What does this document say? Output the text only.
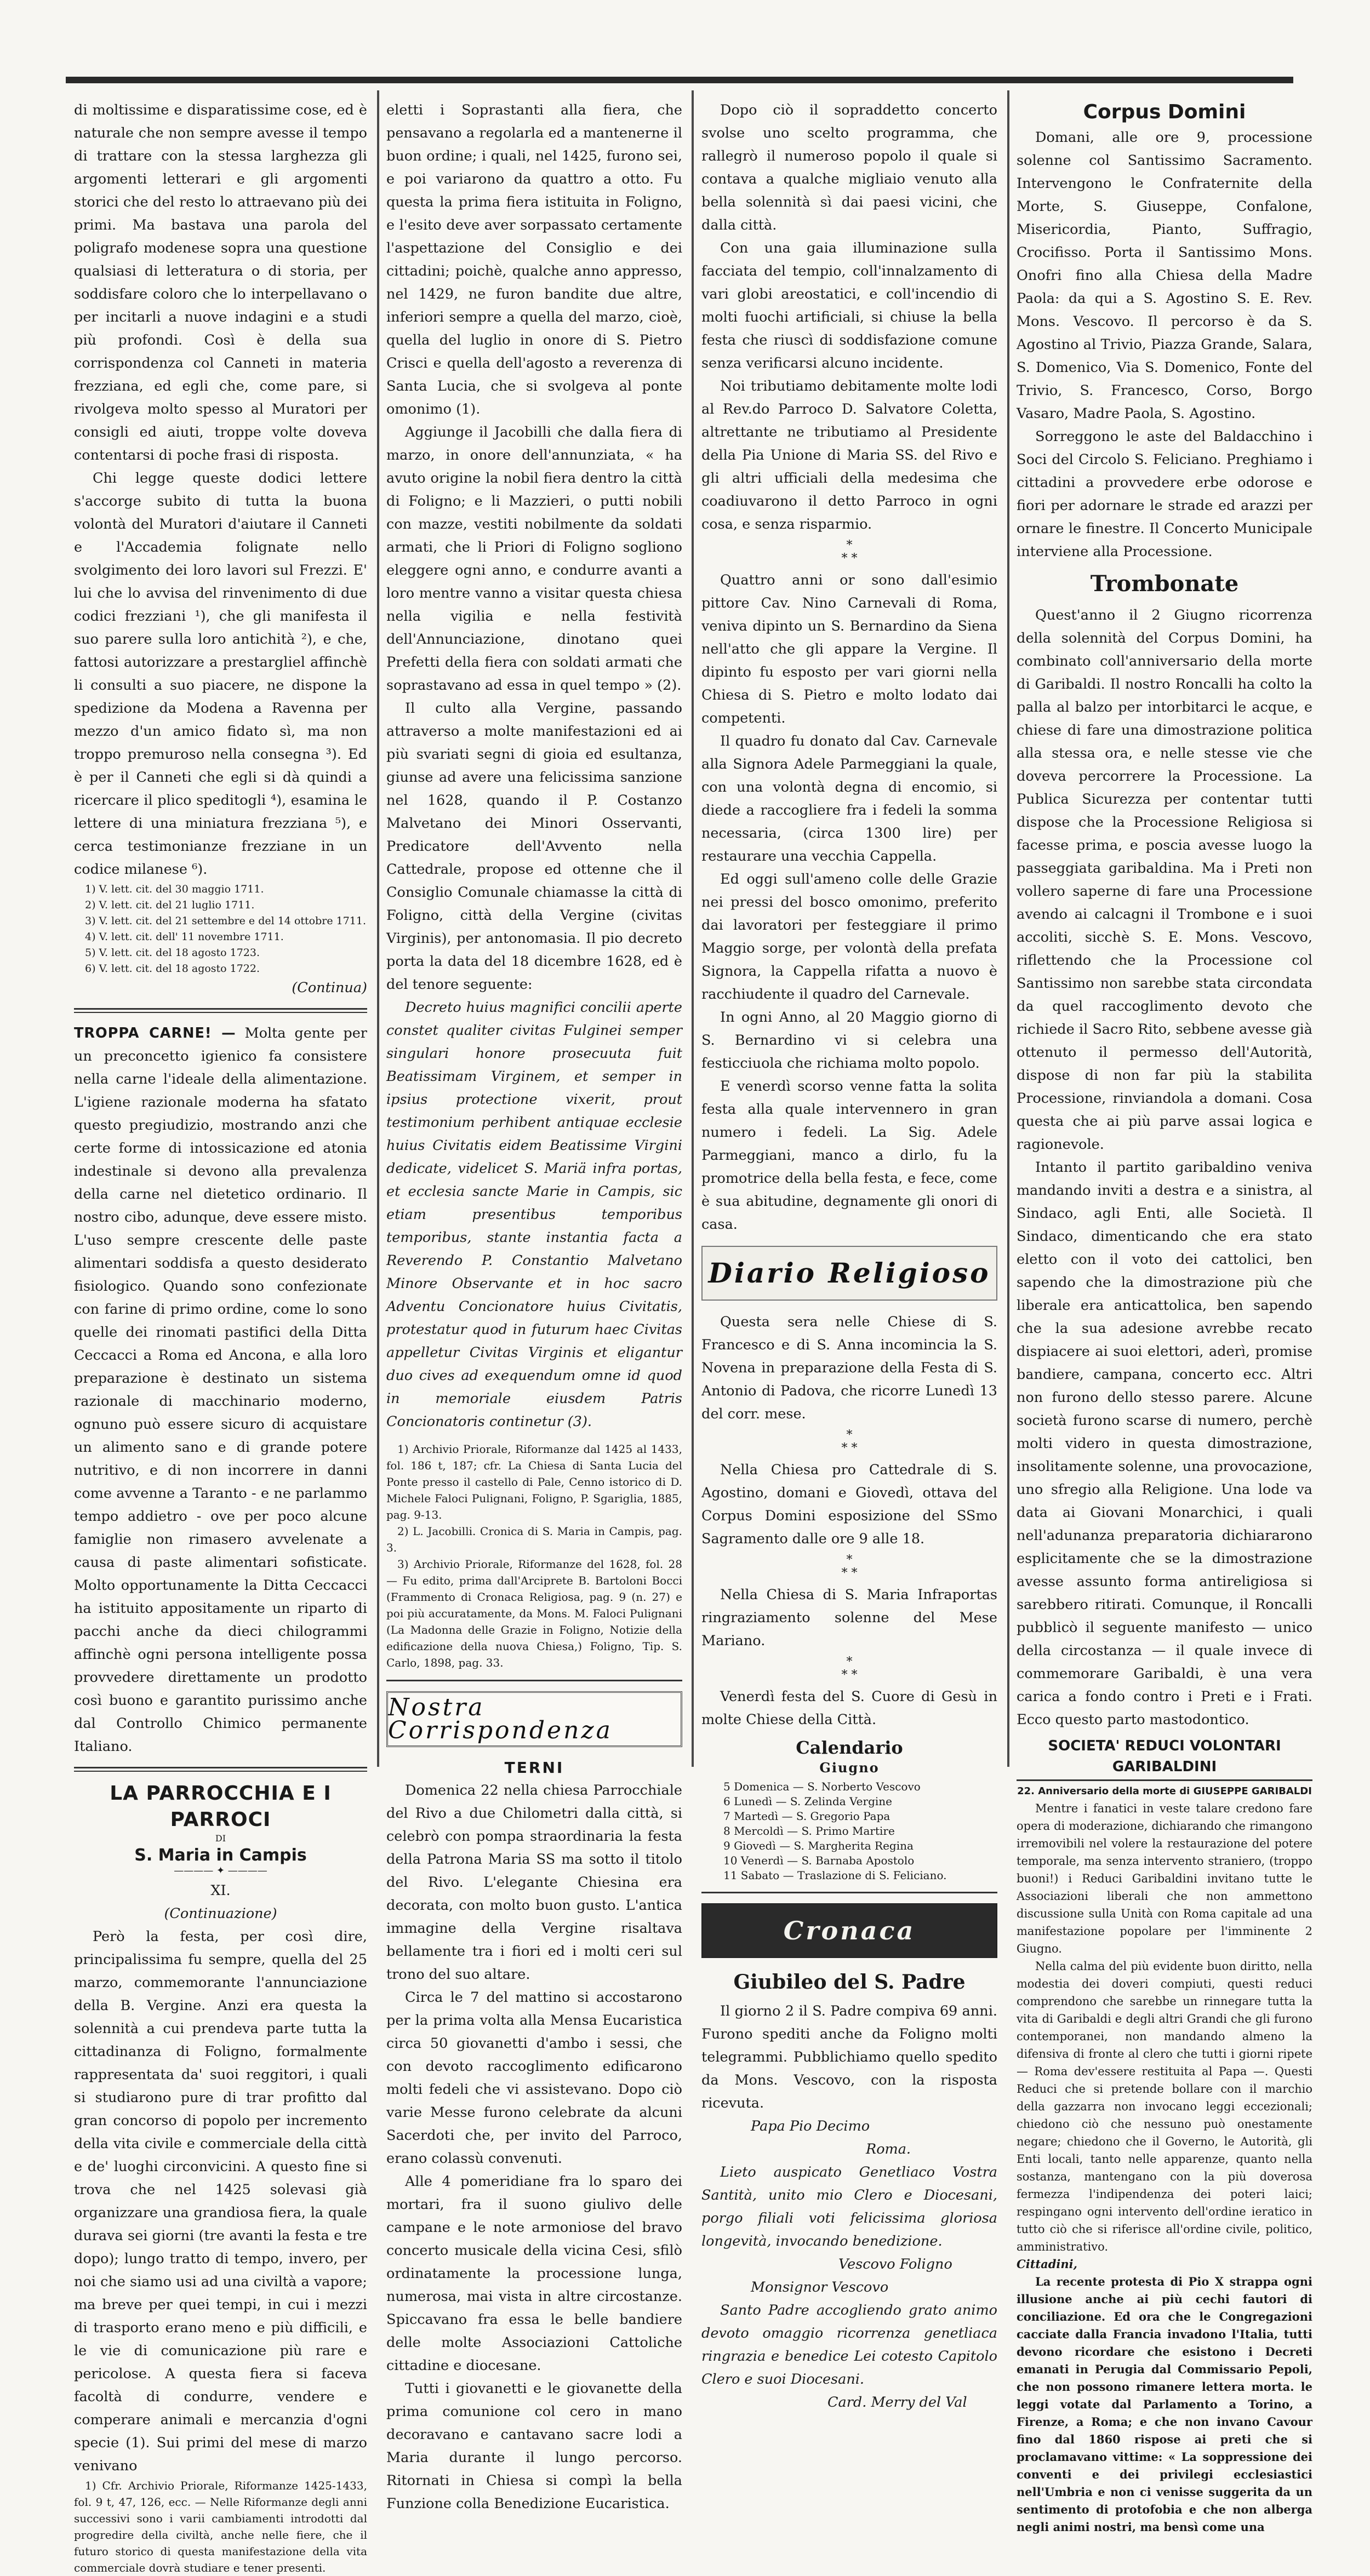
di moltissime e disparatissime cose, ed è naturale che non sempre avesse il tempo di trattare con la stessa larghezza gli argomenti letterari e gli argomenti storici che del resto lo attraevano più dei primi. Ma bastava una parola del poligrafo modenese sopra una questione qualsiasi di letteratura o di storia, per soddisfare coloro che lo interpellavano o per incitarli a nuove indagini e a studi più profondi. Così è della sua corrispondenza col Canneti in materia frezziana, ed egli che, come pare, si rivolgeva molto spesso al Muratori per consigli ed aiuti, troppe volte doveva contentarsi di poche frasi di risposta.

Chi legge queste dodici lettere s'accorge subito di tutta la buona volontà del Muratori d'aiutare il Canneti e l'Accademia folignate nello svolgimento dei loro lavori sul Frezzi. E' lui che lo avvisa del rinvenimento di due codici frezziani ¹), che gli manifesta il suo parere sulla loro antichità ²), e che, fattosi autorizzare a prestargliel afﬁnchè li consulti a suo piacere, ne dispone la spedizione da Modena a Ravenna per mezzo d'un amico fidato sì, ma non troppo premuroso nella consegna ³). Ed è per il Canneti che egli si dà quindi a ricercare il plico speditogli ⁴), esamina le lettere di una miniatura frezziana ⁵), e cerca testimonianze frezziane in un codice milanese ⁶).

1) V. lett. cit. del 30 maggio 1711.
2) V. lett. cit. del 21 luglio 1711.
3) V. lett. cit. del 21 settembre e del 14 ottobre 1711.
4) V. lett. cit. dell' 11 novembre 1711.
5) V. lett. cit. del 18 agosto 1723.
6) V. lett. cit. del 18 agosto 1722.

(Continua)

TROPPA CARNE! — Molta gente per un preconcetto igienico fa consistere nella carne l'ideale della alimentazione. L'igiene razionale moderna ha sfatato questo pregiudizio, mostrando anzi che certe forme di intossicazione ed atonia indestinale si devono alla prevalenza della carne nel dietetico ordinario. Il nostro cibo, adunque, deve essere misto. L'uso sempre crescente delle paste alimentari soddisfa a questo desiderato fisiologico. Quando sono confezionate con farine di primo ordine, come lo sono quelle dei rinomati pastifici della Ditta Ceccacci a Roma ed Ancona, e alla loro preparazione è destinato un sistema razionale di macchinario moderno, ognuno può essere sicuro di acquistare un alimento sano e di grande potere nutritivo, e di non incorrere in danni come avvenne a Taranto - e ne parlammo tempo addietro - ove per poco alcune famiglie non rimasero avvelenate a causa di paste alimentari sofisticate. Molto opportunamente la Ditta Ceccacci ha istituito appositamente un riparto di pacchi anche da dieci chilogrammi affinchè ogni persona intelligente possa provvedere direttamente un prodotto così buono e garantito purissimo anche dal Controllo Chimico permanente Italiano.

LA PARROCCHIA E I PARROCI
DI
S. Maria in Campis
———— ✦ ————
XI.
(Continuazione)

Però la festa, per così dire, principalissima fu sempre, quella del 25 marzo, commemorante l'annunciazione della B. Vergine. Anzi era questa la solennità a cui prendeva parte tutta la cittadinanza di Foligno, formalmente rappresentata da' suoi reggitori, i quali si studiarono pure di trar profitto dal gran concorso di popolo per incremento della vita civile e commerciale della città e de' luoghi circonvicini. A questo fine si trova che nel 1425 solevasi già organizzare una grandiosa fiera, la quale durava sei giorni (tre avanti la festa e tre dopo); lungo tratto di tempo, invero, per noi che siamo usi ad una civiltà a vapore; ma breve per quei tempi, in cui i mezzi di trasporto erano meno e più difficili, e le vie di comunicazione più rare e pericolose. A questa fiera si faceva facoltà di condurre, vendere e comperare animali e mercanzia d'ogni specie (1). Sui primi del mese di marzo venivano

1) Cfr. Archivio Priorale, Riformanze 1425-1433, fol. 9 t, 47, 126, ecc. — Nelle Riformanze degli anni successivi sono i varii cambiamenti introdotti dal progredire della civiltà, anche nelle fiere, che il futuro storico di questa manifestazione della vita commerciale dovrà studiare e tener presenti.

eletti i Soprastanti alla fiera, che pensavano a regolarla ed a mantenerne il buon ordine; i quali, nel 1425, furono sei, e poi variarono da quattro a otto. Fu questa la prima fiera istituita in Foligno, e l'esito deve aver sorpassato certamente l'aspettazione del Consiglio e dei cittadini; poichè, qualche anno appresso, nel 1429, ne furon bandite due altre, inferiori sempre a quella del marzo, cioè, quella del luglio in onore di S. Pietro Crisci e quella dell'agosto a reverenza di Santa Lucia, che si svolgeva al ponte omonimo (1).

Aggiunge il Jacobilli che dalla fiera di marzo, in onore dell'annunziata, « ha avuto origine la nobil fiera dentro la città di Foligno; e li Mazzieri, o putti nobili con mazze, vestiti nobilmente da soldati armati, che li Priori di Foligno sogliono eleggere ogni anno, e condurre avanti a loro mentre vanno a visitar questa chiesa nella vigilia e nella festività dell'Annunciazione, dinotano quei Prefetti della fiera con soldati armati che soprastavano ad essa in quel tempo » (2).

Il culto alla Vergine, passando attraverso a molte manifestazioni ed ai più svariati segni di gioia ed esultanza, giunse ad avere una felicissima sanzione nel 1628, quando il P. Costanzo Malvetano dei Minori Osservanti, Predicatore dell'Avvento nella Cattedrale, propose ed ottenne che il Consiglio Comunale chiamasse la città di Foligno, città della Vergine (civitas Virginis), per antonomasia. Il pio decreto porta la data del 18 dicembre 1628, ed è del tenore seguente:

Decreto huius magnifici concilii aperte constet qualiter civitas Fulginei semper singulari honore prosecuuta fuit Beatissimam Virginem, et semper in ipsius protectione vixerit, prout testimonium perhibent antiquae ecclesie huius Civitatis eidem Beatissime Virgini dedicate, videlicet S. Mariä infra portas, et ecclesia sancte Marie in Campis, sic etiam presentibus temporibus temporibus, stante instantia facta a Reverendo P. Constantio Malvetano Minore Observante et in hoc sacro Adventu Concionatore huius Civitatis, protestatur quod in futurum haec Civitas appelletur Civitas Virginis et eligantur duo cives ad exequendum omne id quod in memoriale eiusdem Patris Concionatoris continetur (3).

1) Archivio Priorale, Riformanze dal 1425 al 1433, fol. 186 t, 187; cfr. La Chiesa di Santa Lucia del Ponte presso il castello di Pale, Cenno istorico di D. Michele Faloci Pulignani, Foligno, P. Sgariglia, 1885, pag. 9-13.
2) L. Jacobilli. Cronica di S. Maria in Campis, pag. 3.
3) Archivio Priorale, Riformanze del 1628, fol. 28 — Fu edito, prima dall'Arciprete B. Bartoloni Bocci (Frammento di Cronaca Religiosa, pag. 9 (n. 27) e poi più accuratamente, da Mons. M. Faloci Pulignani (La Madonna delle Grazie in Foligno, Notizie della edificazione della nuova Chiesa,) Foligno, Tip. S. Carlo, 1898, pag. 33.
Nostra Corrispondenza
TERNI

Domenica 22 nella chiesa Parrocchiale del Rivo a due Chilometri dalla città, si celebrò con pompa straordinaria la festa della Patrona Maria SS ma sotto il titolo del Rivo. L'elegante Chiesina era decorata, con molto buon gusto. L'antica immagine della Vergine risaltava bellamente tra i fiori ed i molti ceri sul trono del suo altare.

Circa le 7 del mattino si accostarono per la prima volta alla Mensa Eucaristica circa 50 giovanetti d'ambo i sessi, che con devoto raccoglimento edificarono molti fedeli che vi assistevano. Dopo ciò varie Messe furono celebrate da alcuni Sacerdoti che, per invito del Parroco, erano colassù convenuti.

Alle 4 pomeridiane fra lo sparo dei mortari, fra il suono giulivo delle campane e le note armoniose del bravo concerto musicale della vicina Cesi, sfilò ordinatamente la processione lunga, numerosa, mai vista in altre circostanze. Spiccavano fra essa le belle bandiere delle molte Associazioni Cattoliche cittadine e diocesane.

Tutti i giovanetti e le giovanette della prima comunione col cero in mano decoravano e cantavano sacre lodi a Maria durante il lungo percorso. Ritornati in Chiesa si compì la bella Funzione colla Benedizione Eucaristica.

Dopo ciò il sopraddetto concerto svolse uno scelto programma, che rallegrò il numeroso popolo il quale si contava a qualche migliaio venuto alla bella solennità sì dai paesi vicini, che dalla città.

Con una gaia illuminazione sulla facciata del tempio, coll'innalzamento di vari globi areostatici, e coll'incendio di molti fuochi artificiali, si chiuse la bella festa che riuscì di soddisfazione comune senza verificarsi alcuno incidente.

Noi tributiamo debitamente molte lodi al Rev.do Parroco D. Salvatore Coletta, altrettante ne tributiamo al Presidente della Pia Unione di Maria SS. del Rivo e gli altri ufficiali della medesima che coadiuvarono il detto Parroco in ogni cosa, e senza risparmio.

*
* *

Quattro anni or sono dall'esimio pittore Cav. Nino Carnevali di Roma, veniva dipinto un S. Bernardino da Siena nell'atto che gli appare la Vergine. Il dipinto fu esposto per vari giorni nella Chiesa di S. Pietro e molto lodato dai competenti.

Il quadro fu donato dal Cav. Carnevale alla Signora Adele Parmeggiani la quale, con una volontà degna di encomio, si diede a raccogliere fra i fedeli la somma necessaria, (circa 1300 lire) per restaurare una vecchia Cappella.

Ed oggi sull'ameno colle delle Grazie nei pressi del bosco omonimo, preferito dai lavoratori per festeggiare il primo Maggio sorge, per volontà della prefata Signora, la Cappella rifatta a nuovo è racchiudente il quadro del Carnevale.

In ogni Anno, al 20 Maggio giorno di S. Bernardino vi si celebra una festicciuola che richiama molto popolo.

E venerdì scorso venne fatta la solita festa alla quale intervennero in gran numero i fedeli. La Sig. Adele Parmeggiani, manco a dirlo, fu la promotrice della bella festa, e fece, come è sua abitudine, degnamente gli onori di casa.

Diario Religioso

Questa sera nelle Chiese di S. Francesco e di S. Anna incomincia la S. Novena in preparazione della Festa di S. Antonio di Padova, che ricorre Lunedì 13 del corr. mese.

*
* *

Nella Chiesa pro Cattedrale di S. Agostino, domani e Giovedì, ottava del Corpus Domini esposizione del SSmo Sagramento dalle ore 9 alle 18.

*
* *

Nella Chiesa di S. Maria Infraportas ringraziamento solenne del Mese Mariano.

*
* *

Venerdì festa del S. Cuore di Gesù in molte Chiese della Città.

Calendario
Giugno
5 Domenica — S. Norberto Vescovo
6 Lunedì — S. Zelinda Vergine
7 Martedì — S. Gregorio Papa
8 Mercoldì — S. Primo Martire
9 Giovedì — S. Margherita Regina
10 Venerdì — S. Barnaba Apostolo
11 Sabato — Traslazione di S. Feliciano.
Cronaca
Giubileo del S. Padre

Il giorno 2 il S. Padre compiva 69 anni. Furono spediti anche da Foligno molti telegrammi. Pubblichiamo quello spedito da Mons. Vescovo, con la risposta ricevuta.

Papa Pio Decimo

Roma.

Lieto auspicato Genetliaco Vostra Santità, unito mio Clero e Diocesani, porgo filiali voti felicissima gloriosa longevità, invocando benedizione.

Vescovo Foligno

Monsignor Vescovo

Santo Padre accogliendo grato animo devoto omaggio ricorrenza genetliaca ringrazia e benedice Lei cotesto Capitolo Clero e suoi Diocesani.

Card. Merry del Val

Corpus Domini

Domani, alle ore 9, processione solenne col Santissimo Sacramento. Intervengono le Confraternite della Morte, S. Giuseppe, Confalone, Misericordia, Pianto, Suffragio, Crocifisso. Porta il Santissimo Mons. Onofri fino alla Chiesa della Madre Paola: da qui a S. Agostino S. E. Rev. Mons. Vescovo. Il percorso è da S. Agostino al Trivio, Piazza Grande, Salara, S. Domenico, Via S. Domenico, Fonte del Trivio, S. Francesco, Corso, Borgo Vasaro, Madre Paola, S. Agostino.

Sorreggono le aste del Baldacchino i Soci del Circolo S. Feliciano. Preghiamo i cittadini a provvedere erbe odorose e fiori per adornare le strade ed arazzi per ornare le finestre. Il Concerto Municipale interviene alla Processione.

Trombonate

Quest'anno il 2 Giugno ricorrenza della solennità del Corpus Domini, ha combinato coll'anniversario della morte di Garibaldi. Il nostro Roncalli ha colto la palla al balzo per intorbitarci le acque, e chiese di fare una dimostrazione politica alla stessa ora, e nelle stesse vie che doveva percorrere la Processione. La Publica Sicurezza per contentar tutti dispose che la Processione Religiosa si facesse prima, e poscia avesse luogo la passeggiata garibaldina. Ma i Preti non vollero saperne di fare una Processione avendo ai calcagni il Trombone e i suoi accoliti, sicchè S. E. Mons. Vescovo, riflettendo che la Processione col Santissimo non sarebbe stata circondata da quel raccoglimento devoto che richiede il Sacro Rito, sebbene avesse già ottenuto il permesso dell'Autorità, dispose di non far più la stabilita Processione, rinviandola a domani. Cosa questa che ai più parve assai logica e ragionevole.

Intanto il partito garibaldino veniva mandando inviti a destra e a sinistra, al Sindaco, agli Enti, alle Società. Il Sindaco, dimenticando che era stato eletto con il voto dei cattolici, ben sapendo che la dimostrazione più che liberale era anticattolica, ben sapendo che la sua adesione avrebbe recato dispiacere ai suoi elettori, aderì, promise bandiere, campana, concerto ecc. Altri non furono dello stesso parere. Alcune società furono scarse di numero, perchè molti videro in questa dimostrazione, insolitamente solenne, una provocazione, uno sfregio alla Religione. Una lode va data ai Giovani Monarchici, i quali nell'adunanza preparatoria dichiararono esplicitamente che se la dimostrazione avesse assunto forma antireligiosa si sarebbero ritirati. Comunque, il Roncalli pubblicò il seguente manifesto — unico della circostanza — il quale invece di commemorare Garibaldi, è una vera carica a fondo contro i Preti e i Frati. Ecco questo parto mastodontico.

SOCIETA' REDUCI VOLONTARI GARIBALDINI
22. Anniversario della morte di GIUSEPPE GARIBALDI

Mentre i fanatici in veste talare credono fare opera di moderazione, dichiarando che rimangono irremovibili nel volere la restaurazione del potere temporale, ma senza intervento straniero, (troppo buoni!) i Reduci Garibaldini invitano tutte le Associazioni liberali che non ammettono discussione sulla Unità con Roma capitale ad una manifestazione popolare per l'imminente 2 Giugno.

Nella calma del più evidente buon diritto, nella modestia dei doveri compiuti, questi reduci comprendono che sarebbe un rinnegare tutta la vita di Garibaldi e degli altri Grandi che gli furono contemporanei, non mandando almeno la difensiva di fronte al clero che tutti i giorni ripete — Roma dev'essere restituita al Papa —. Questi Reduci che si pretende bollare con il marchio della gazzarra non invocano leggi eccezionali; chiedono ciò che nessuno può onestamente negare; chiedono che il Governo, le Autorità, gli Enti locali, tanto nelle apparenze, quanto nella sostanza, mantengano con la più doverosa fermezza l'indipendenza dei poteri laici; respingano ogni intervento dell'ordine ieratico in tutto ciò che si riferisce all'ordine civile, politico, amministrativo.

Cittadini,

La recente protesta di Pio X strappa ogni illusione anche ai più cechi fautori di conciliazione. Ed ora che le Congregazioni cacciate dalla Francia invadono l'Italia, tutti devono ricordare che esistono i Decreti emanati in Perugia dal Commissario Pepoli, che non possono rimanere lettera morta. le leggi votate dal Parlamento a Torino, a Firenze, a Roma; e che non invano Cavour fino dal 1860 rispose ai preti che si proclamavano vittime: « La soppressione dei conventi e dei privilegi ecclesiastici nell'Umbria e non ci venisse suggerita da un sentimento di protofobia e che non alberga negli animi nostri, ma bensì come una
